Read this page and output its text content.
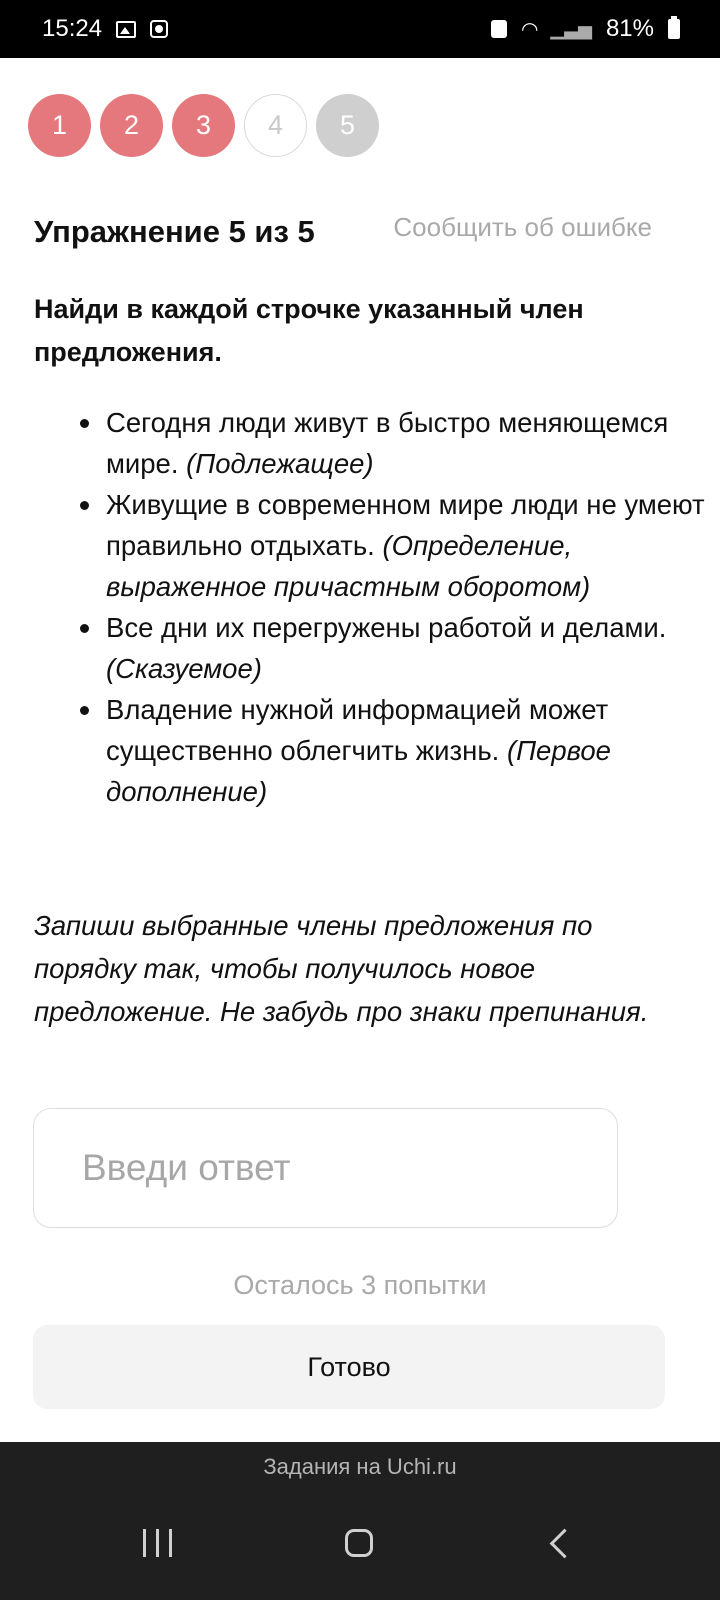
15:24	◠ ▁▃▅ 81%
1	2	3	4	5
Упражнение 5 из 5	Сообщить об ошибке
Найди в каждой строчке указанный член предложения.
Сегодня люди живут в быстро меняющемся мире. (Подлежащее)
Живущие в современном мире люди не умеют правильно отдыхать. (Определение, выраженное причастным оборотом)
Все дни их перегружены работой и делами. (Сказуемое)
Владение нужной информацией может существенно облегчить жизнь. (Первое дополнение)
Запиши выбранные члены предложения по порядку так, чтобы получилось новое предложение. Не забудь про знаки препинания.
Введи ответ
Осталось 3 попытки
Готово
Задания на Uchi.ru
